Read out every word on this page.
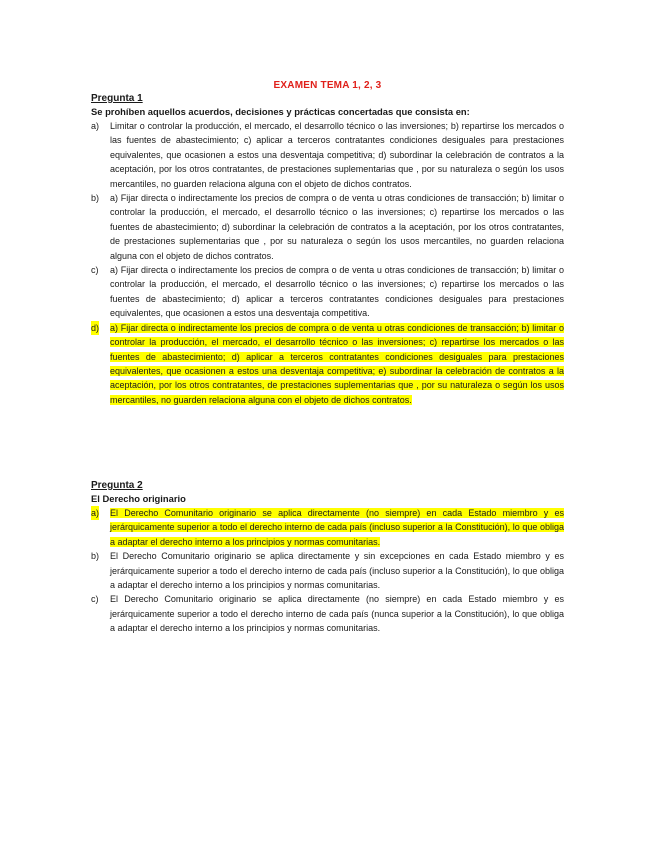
EXAMEN TEMA 1, 2, 3
Pregunta 1
Se prohíben aquellos acuerdos, decisiones y prácticas concertadas que consista en:
a) Limitar o controlar la producción, el mercado, el desarrollo técnico o las inversiones; b) repartirse los mercados o las fuentes de abastecimiento; c) aplicar a terceros contratantes condiciones desiguales para prestaciones equivalentes, que ocasionen a estos una desventaja competitiva; d) subordinar la celebración de contratos a la aceptación, por los otros contratantes, de prestaciones suplementarias que , por su naturaleza o según los usos mercantiles, no guarden relaciona alguna con el objeto de dichos contratos.
b) a) Fijar directa o indirectamente los precios de compra o de venta u otras condiciones de transacción; b) limitar o controlar la producción, el mercado, el desarrollo técnico o las inversiones; c) repartirse los mercados o las fuentes de abastecimiento; d) subordinar la celebración de contratos a la aceptación, por los otros contratantes, de prestaciones suplementarias que , por su naturaleza o según los usos mercantiles, no guarden relaciona alguna con el objeto de dichos contratos.
c) a) Fijar directa o indirectamente los precios de compra o de venta u otras condiciones de transacción; b) limitar o controlar la producción, el mercado, el desarrollo técnico o las inversiones; c) repartirse los mercados o las fuentes de abastecimiento; d) aplicar a terceros contratantes condiciones desiguales para prestaciones equivalentes, que ocasionen a estos una desventaja competitiva.
d) a) Fijar directa o indirectamente los precios de compra o de venta u otras condiciones de transacción; b) limitar o controlar la producción, el mercado, el desarrollo técnico o las inversiones; c) repartirse los mercados o las fuentes de abastecimiento; d) aplicar a terceros contratantes condiciones desiguales para prestaciones equivalentes, que ocasionen a estos una desventaja competitiva; e) subordinar la celebración de contratos a la aceptación, por los otros contratantes, de prestaciones suplementarias que , por su naturaleza o según los usos mercantiles, no guarden relaciona alguna con el objeto de dichos contratos.
Pregunta 2
El Derecho originario
a) El Derecho Comunitario originario se aplica directamente (no siempre) en cada Estado miembro y es jerárquicamente superior a todo el derecho interno de cada país (incluso superior a la Constitución), lo que obliga a adaptar el derecho interno a los principios y normas comunitarias.
b) El Derecho Comunitario originario se aplica directamente y sin excepciones en cada Estado miembro y es jerárquicamente superior a todo el derecho interno de cada país (incluso superior a la Constitución), lo que obliga a adaptar el derecho interno a los principios y normas comunitarias.
c) El Derecho Comunitario originario se aplica directamente (no siempre) en cada Estado miembro y es jerárquicamente superior a todo el derecho interno de cada país (nunca superior a la Constitución), lo que obliga a adaptar el derecho interno a los principios y normas comunitarias.
